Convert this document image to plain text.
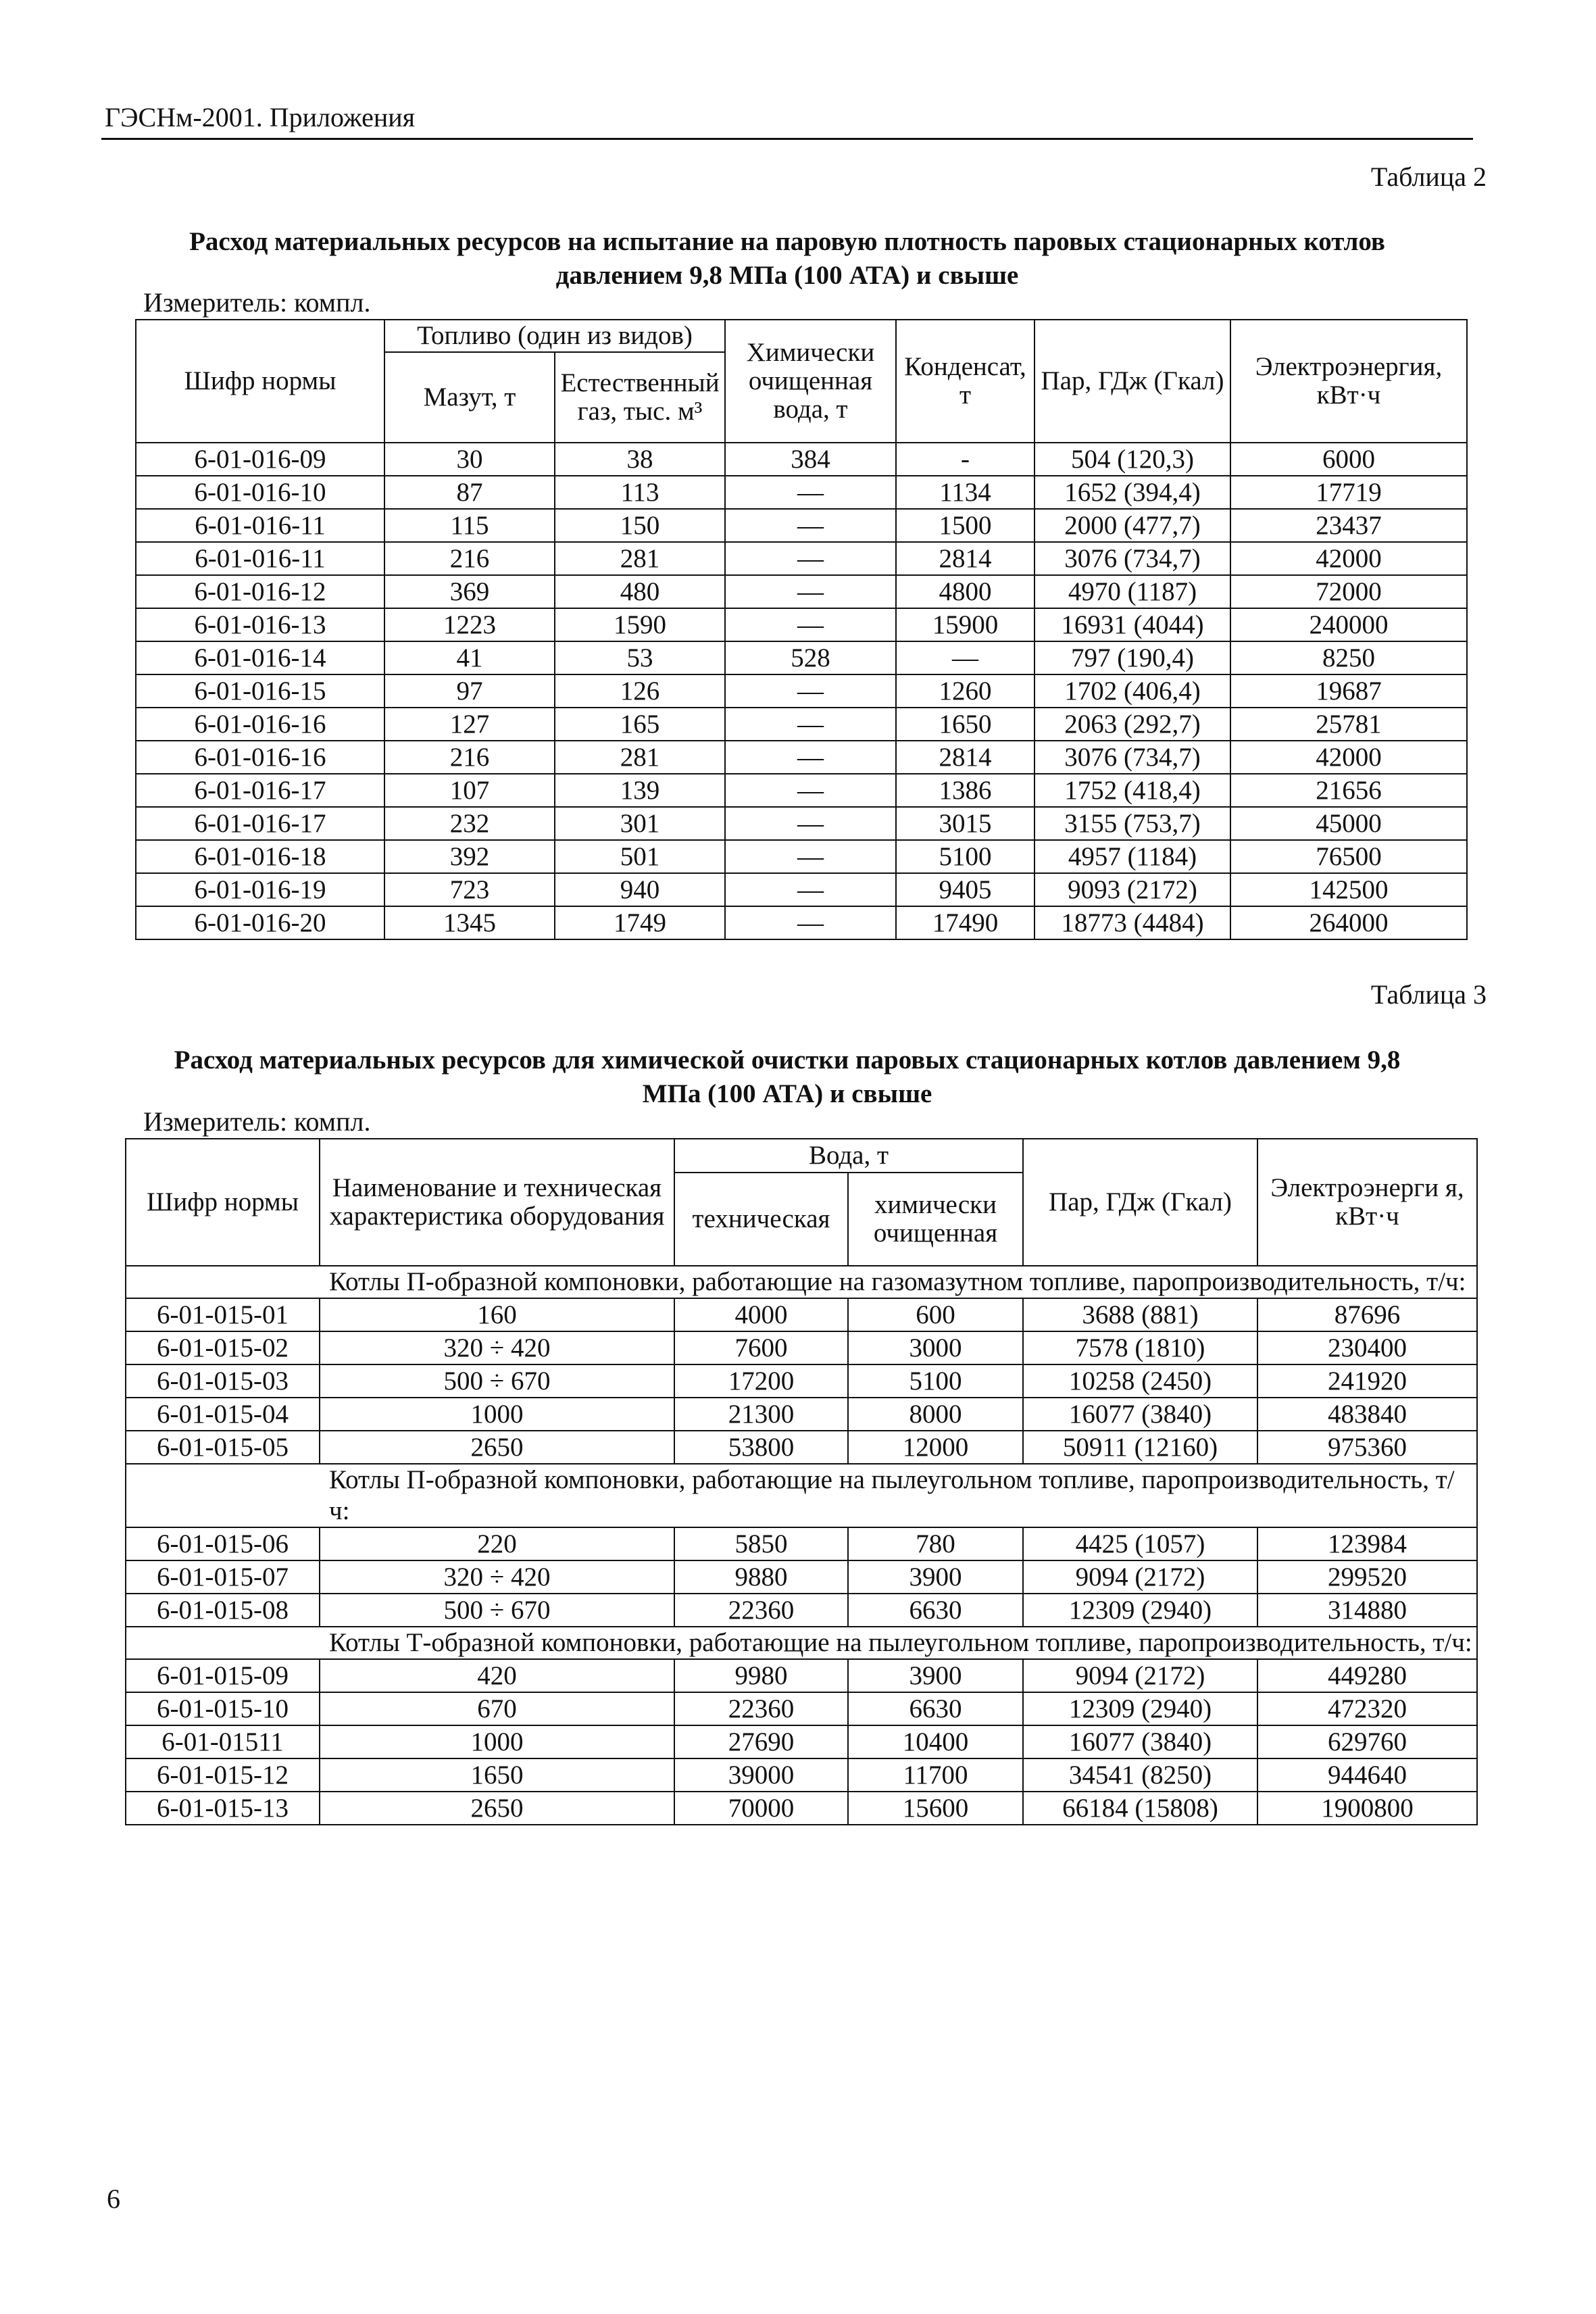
ГЭСНм-2001. Приложения
Таблица 2
Расход материальных ресурсов на испытание на паровую плотность паровых стационарных котлов
давлением 9,8 МПа (100 АТА) и свыше
Измеритель: компл.
Шифр нормы	Топливо (один из видов)		Химически очищенная вода, т	Конденсат, т	Пар, ГДж (Гкал)	Электроэнергия, кВт·ч
	Мазут, т	Естественный газ, тыс. м³				
6-01-016-09	30	38	384	-	504 (120,3)	6000
6-01-016-10	87	113	—	1134	1652 (394,4)	17719
6-01-016-11	115	150	—	1500	2000 (477,7)	23437
6-01-016-11	216	281	—	2814	3076 (734,7)	42000
6-01-016-12	369	480	—	4800	4970 (1187)	72000
6-01-016-13	1223	1590	—	15900	16931 (4044)	240000
6-01-016-14	41	53	528	—	797 (190,4)	8250
6-01-016-15	97	126	—	1260	1702 (406,4)	19687
6-01-016-16	127	165	—	1650	2063 (292,7)	25781
6-01-016-16	216	281	—	2814	3076 (734,7)	42000
6-01-016-17	107	139	—	1386	1752 (418,4)	21656
6-01-016-17	232	301	—	3015	3155 (753,7)	45000
6-01-016-18	392	501	—	5100	4957 (1184)	76500
6-01-016-19	723	940	—	9405	9093 (2172)	142500
6-01-016-20	1345	1749	—	17490	18773 (4484)	264000
Таблица 3
Расход материальных ресурсов для химической очистки паровых стационарных котлов давлением 9,8
МПа (100 АТА) и свыше
Измеритель: компл.
Шифр нормы	Наименование и техническая характеристика оборудования	Вода, т		Пар, ГДж (Гкал)	Электроэнерги я, кВт·ч
		техническая	химически очищенная		
Котлы П-образной компоновки, работающие на газомазутном топливе, паропроизводительность, т/ч:					
6-01-015-01	160	4000	600	3688 (881)	87696
6-01-015-02	320 ÷ 420	7600	3000	7578 (1810)	230400
6-01-015-03	500 ÷ 670	17200	5100	10258 (2450)	241920
6-01-015-04	1000	21300	8000	16077 (3840)	483840
6-01-015-05	2650	53800	12000	50911 (12160)	975360
Котлы П-образной компоновки, работающие на пылеугольном топливе, паропроизводительность, т/ч:					
6-01-015-06	220	5850	780	4425 (1057)	123984
6-01-015-07	320 ÷ 420	9880	3900	9094 (2172)	299520
6-01-015-08	500 ÷ 670	22360	6630	12309 (2940)	314880
Котлы Т-образной компоновки, работающие на пылеугольном топливе, паропроизводительность, т/ч:					
6-01-015-09	420	9980	3900	9094 (2172)	449280
6-01-015-10	670	22360	6630	12309 (2940)	472320
6-01-01511	1000	27690	10400	16077 (3840)	629760
6-01-015-12	1650	39000	11700	34541 (8250)	944640
6-01-015-13	2650	70000	15600	66184 (15808)	1900800
6
